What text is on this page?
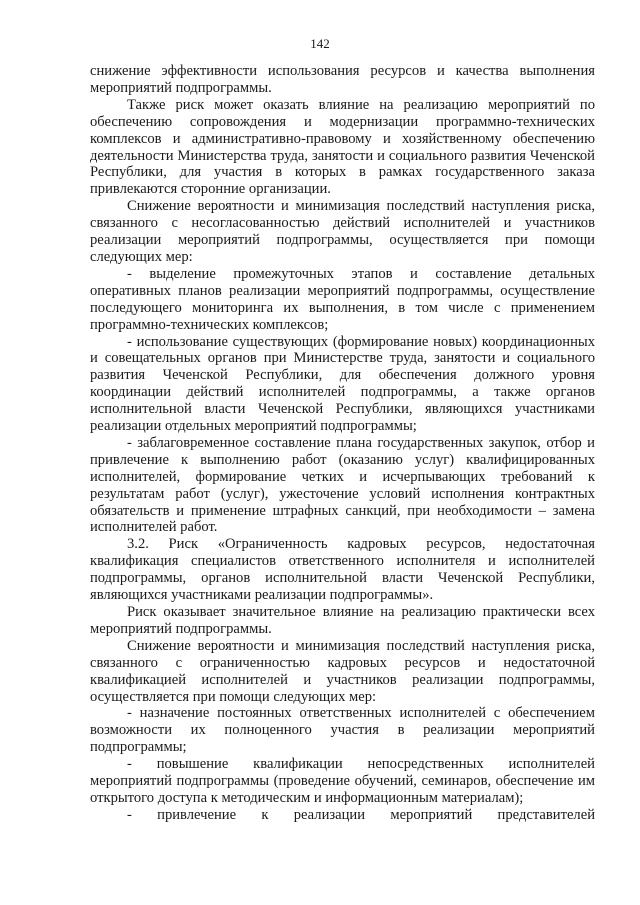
142

снижение эффективности использования ресурсов и качества выполнения мероприятий подпрограммы.

Также риск может оказать влияние на реализацию мероприятий по обеспечению сопровождения и модернизации программно-технических комплексов и административно-правовому и хозяйственному обеспечению деятельности Министерства труда, занятости и социального развития Чеченской Республики, для участия в которых в рамках государственного заказа привлекаются сторонние организации.

Снижение вероятности и минимизация последствий наступления риска, связанного с несогласованностью действий исполнителей и участников реализации мероприятий подпрограммы, осуществляется при помощи следующих мер:

- выделение промежуточных этапов и составление детальных оперативных планов реализации мероприятий подпрограммы, осуществление последующего мониторинга их выполнения, в том числе с применением программно-технических комплексов;

- использование существующих (формирование новых) координационных и совещательных органов при Министерстве труда, занятости и социального развития Чеченской Республики, для обеспечения должного уровня координации действий исполнителей подпрограммы, а также органов исполнительной власти Чеченской Республики, являющихся участниками реализации отдельных мероприятий подпрограммы;

- заблаговременное составление плана государственных закупок, отбор и привлечение к выполнению работ (оказанию услуг) квалифицированных исполнителей, формирование четких и исчерпывающих требований к результатам работ (услуг), ужесточение условий исполнения контрактных обязательств и применение штрафных санкций, при необходимости – замена исполнителей работ.

3.2. Риск «Ограниченность кадровых ресурсов, недостаточная квалификация специалистов ответственного исполнителя и исполнителей подпрограммы, органов исполнительной власти Чеченской Республики, являющихся участниками реализации подпрограммы».

Риск оказывает значительное влияние на реализацию практически всех мероприятий подпрограммы.

Снижение вероятности и минимизация последствий наступления риска, связанного с ограниченностью кадровых ресурсов и недостаточной квалификацией исполнителей и участников реализации подпрограммы, осуществляется при помощи следующих мер:

- назначение постоянных ответственных исполнителей с обеспечением возможности их полноценного участия в реализации мероприятий подпрограммы;

- повышение квалификации непосредственных исполнителей мероприятий подпрограммы (проведение обучений, семинаров, обеспечение им открытого доступа к методическим и информационным материалам);

- привлечение к реализации мероприятий представителей
